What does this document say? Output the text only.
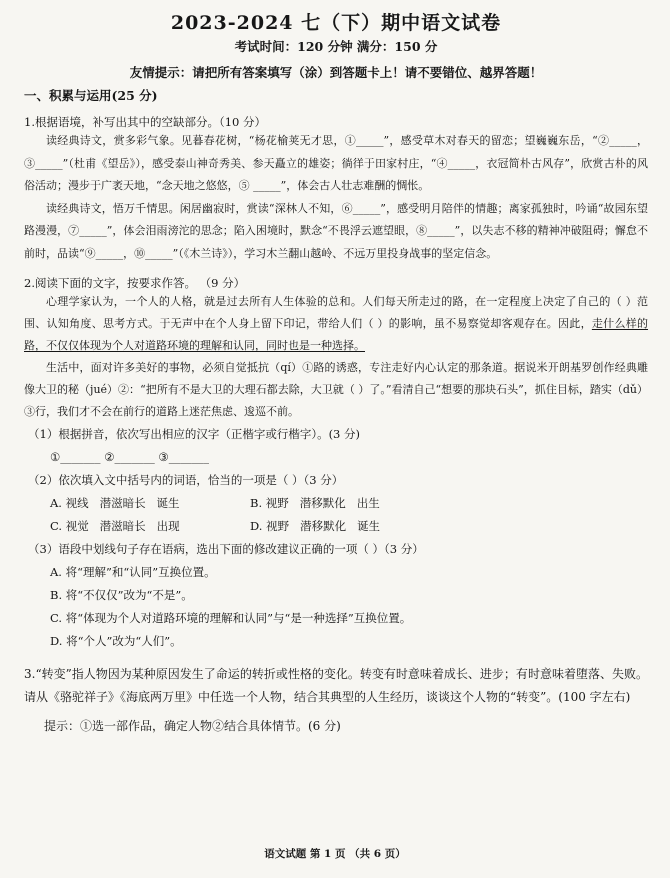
2023-2024 七（下）期中语文试卷
考试时间：120 分钟 满分：150 分
友情提示：请把所有答案填写（涂）到答题卡上！请不要错位、越界答题！
一、积累与运用(25 分)
1.根据语境，补写出其中的空缺部分。（10 分）
读经典诗文，赏多彩气象。见暮春花树，“杨花榆荚无才思，①_____”，感受草木对春天的留恋；望巍巍东岳，“②_____，③_____”（杜甫《望岳》），感受泰山神奇秀美、参天矗立的雄姿；徜徉于田家村庄，“④_____，衣冠简朴古风存”，欣赏古朴的风俗活动；漫步于广袤天地，“念天地之悠悠，⑤ _____”，体会古人壮志难酬的惆怅。
读经典诗文，悟万千情思。闲居幽寂时，赏读“深林人不知，⑥_____”，感受明月陪伴的情趣；离家孤独时，吟诵“故园东望路漫漫，⑦_____”，体会泪雨滂沱的思念；陷入困境时，默念“不畏浮云遮望眼，⑧_____”，以失志不移的精神冲破阻碍；懈怠不前时，品读“⑨_____，⑩_____”（《木兰诗》），学习木兰翻山越岭、不远万里投身战事的坚定信念。
2.阅读下面的文字，按要求作答。 （9 分）
心理学家认为，一个人的人格，就是过去所有人生体验的总和。人们每天所走过的路，在一定程度上决定了自己的（ ）范围、认知角度、思考方式。于无声中在个人身上留下印记，带给人们（ ）的影响，虽不易察觉却客观存在。因此，走什么样的路，不仅仅体现为个人对道路环境的理解和认同，同时也是一种选择。
生活中，面对许多美好的事物，必须自觉抵抗（qí）①路的诱惑，专注走好内心认定的那条道。据说米开朗基罗创作经典雕像大卫的秘（jué）②：“把所有不是大卫的大理石都去除，大卫就（ ）了。”看清自己“想要的那块石头”，抓住目标，踏实（dǔ）③行，我们才不会在前行的道路上迷茫焦虑、逡巡不前。
（1）根据拼音，依次写出相应的汉字（正楷字或行楷字）。(3 分)
①_______ ②_______ ③_______
（2）依次填入文中括号内的词语，恰当的一项是（ ）（3 分）
A. 视线 潜滋暗长 诞生	B. 视野 潜移默化 出生
C. 视觉 潜滋暗长 出现	D. 视野 潜移默化 诞生
（3）语段中划线句子存在语病，选出下面的修改建议正确的一项（ ）（3 分）
A. 将“理解”和“认同”互换位置。
B. 将“不仅仅”改为“不是”。
C. 将“体现为个人对道路环境的理解和认同”与“是一种选择”互换位置。
D. 将“个人”改为“人们”。
3.“转变”指人物因为某种原因发生了命运的转折或性格的变化。转变有时意味着成长、进步；有时意味着堕落、失败。请从《骆驼祥子》《海底两万里》中任选一个人物，结合其典型的人生经历，谈谈这个人物的“转变”。(100 字左右)
提示：①选一部作品，确定人物②结合具体情节。(6 分)
语文试题 第 1 页 （共 6 页）
